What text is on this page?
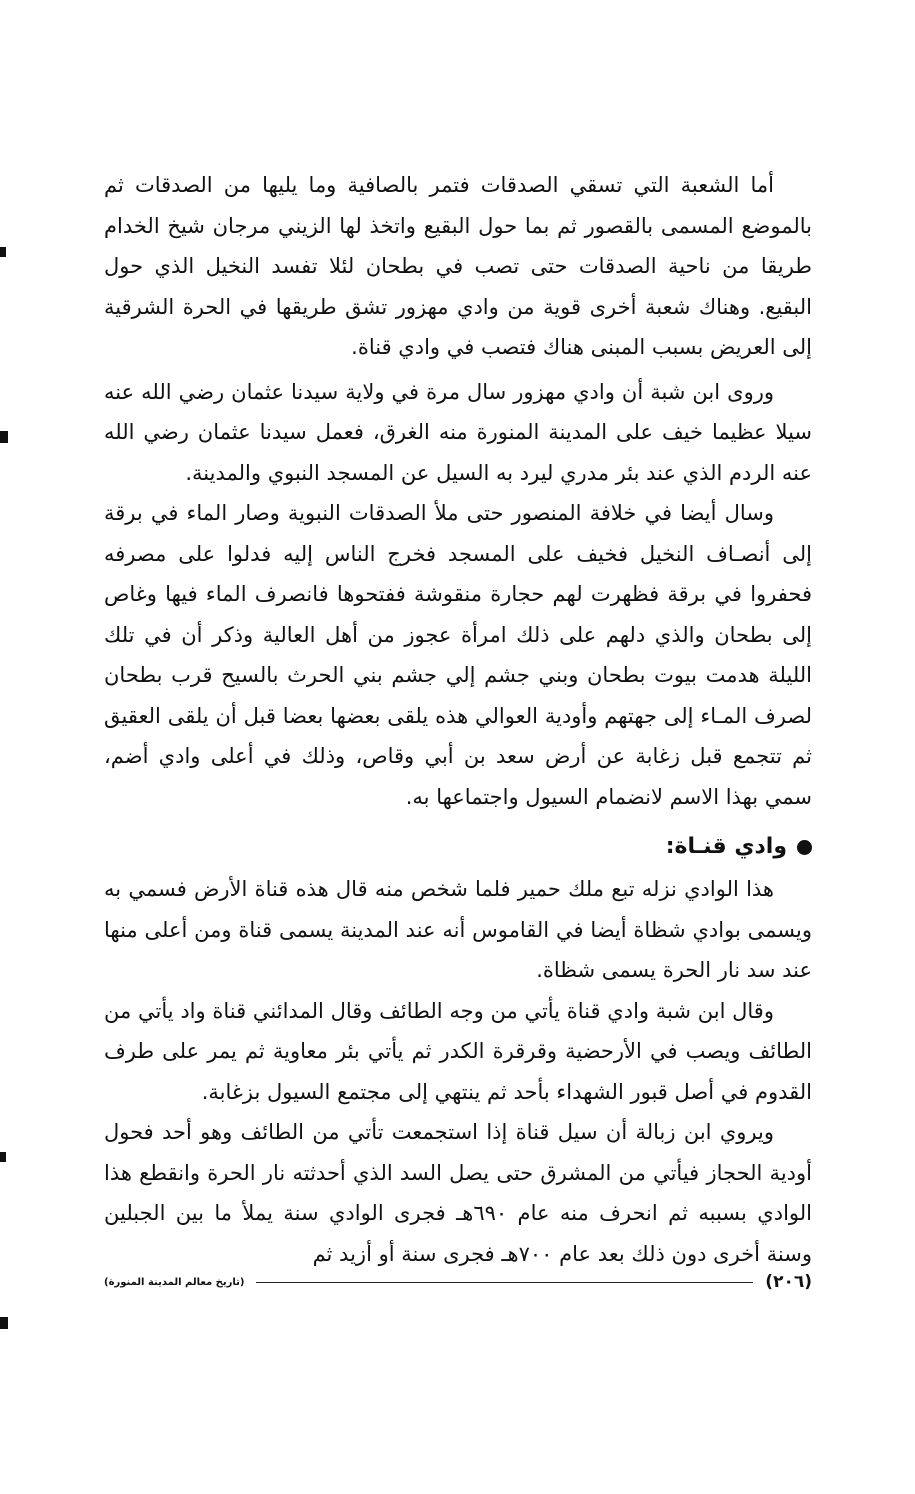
أما الشعبة التي تسقي الصدقات فتمر بالصافية وما يليها من الصدقات ثم بالموضع المسمى بالقصور ثم بما حول البقيع واتخذ لها الزيني مرجان شيخ الخدام طريقا من ناحية الصدقات حتى تصب في بطحان لئلا تفسد النخيل الذي حول البقيع. وهناك شعبة أخرى قوية من وادي مهزور تشق طريقها في الحرة الشرقية إلى العريض بسبب المبنى هناك فتصب في وادي قناة.

وروى ابن شبة أن وادي مهزور سال مرة في ولاية سيدنا عثمان رضي الله عنه سيلا عظيما خيف على المدينة المنورة منه الغرق، فعمل سيدنا عثمان رضي الله عنه الردم الذي عند بئر مدري ليرد به السيل عن المسجد النبوي والمدينة.

وسال أيضا في خلافة المنصور حتى ملأ الصدقات النبوية وصار الماء في برقة إلى أنصـاف النخيل فخيف على المسجد فخرج الناس إليه فدلوا على مصرفه فحفروا في برقة فظهرت لهم حجارة منقوشة ففتحوها فانصرف الماء فيها وغاص إلى بطحان والذي دلهم على ذلك امرأة عجوز من أهل العالية وذكر أن في تلك الليلة هدمت بيوت بطحان وبني جشم إلي جشم بني الحرث بالسيح قرب بطحان لصرف المـاء إلى جهتهم وأودية العوالي هذه يلقى بعضها بعضا قبل أن يلقى العقيق ثم تتجمع قبل زغابة عن أرض سعد بن أبي وقاص، وذلك في أعلى وادي أضم، سمي بهذا الاسم لانضمام السيول واجتماعها به.

وادي قنـاة:

هذا الوادي نزله تبع ملك حمير فلما شخص منه قال هذه قناة الأرض فسمي به ويسمى بوادي شظاة أيضا في القاموس أنه عند المدينة يسمى قناة ومن أعلى منها عند سد نار الحرة يسمى شظاة.

وقال ابن شبة وادي قناة يأتي من وجه الطائف وقال المدائني قناة واد يأتي من الطائف ويصب في الأرحضية وقرقرة الكدر ثم يأتي بئر معاوية ثم يمر على طرف القدوم في أصل قبور الشهداء بأحد ثم ينتهي إلى مجتمع السيول بزغابة.

ويروي ابن زبالة أن سيل قناة إذا استجمعت تأتي من الطائف وهو أحد فحول أودية الحجاز فيأتي من المشرق حتى يصل السد الذي أحدثته نار الحرة وانقطع هذا الوادي بسببه ثم انحرف منه عام ٦٩٠هـ فجرى الوادي سنة يملأ ما بين الجبلين وسنة أخرى دون ذلك بعد عام ٧٠٠هـ فجرى سنة أو أزيد ثم

(٢٠٦)
(تاريخ معالم المدينة المنورة)
